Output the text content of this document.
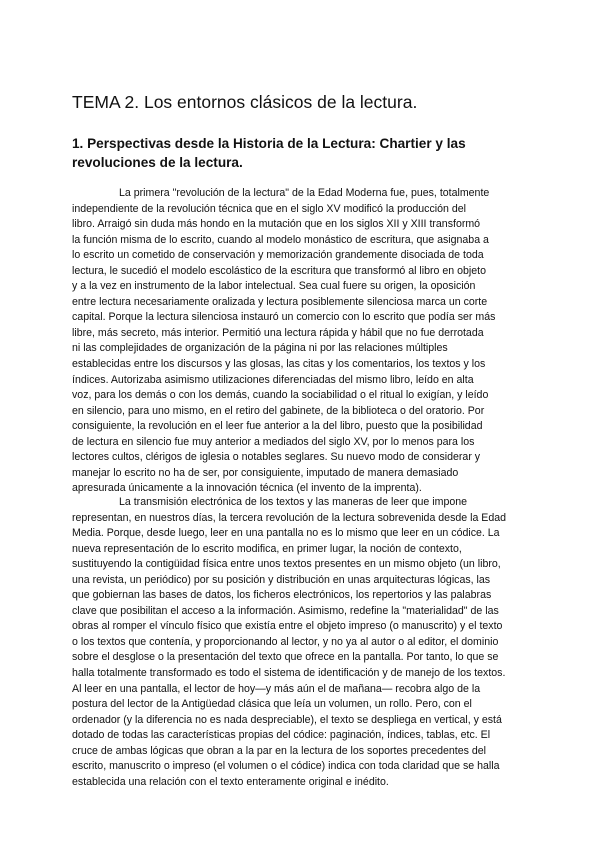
TEMA 2. Los entornos clásicos de la lectura.
1. Perspectivas desde la Historia de la Lectura: Chartier y las revoluciones de la lectura.
La primera "revolución de la lectura" de la Edad Moderna fue, pues, totalmente
independiente de la revolución técnica que en el siglo XV modificó la producción del
libro. Arraigó sin duda más hondo en la mutación que en los siglos XII y XIII transformó
la función misma de lo escrito, cuando al modelo monástico de escritura, que asignaba a
lo escrito un cometido de conservación y memorización grandemente disociada de toda
lectura, le sucedió el modelo escolástico de la escritura que transformó al libro en objeto
y a la vez en instrumento de la labor intelectual. Sea cual fuere su origen, la oposición
entre lectura necesariamente oralizada y lectura posiblemente silenciosa marca un corte
capital. Porque la lectura silenciosa instauró un comercio con lo escrito que podía ser más
libre, más secreto, más interior. Permitió una lectura rápida y hábil que no fue derrotada
ni las complejidades de organización de la página ni por las relaciones múltiples
establecidas entre los discursos y las glosas, las citas y los comentarios, los textos y los
índices. Autorizaba asimismo utilizaciones diferenciadas del mismo libro, leído en alta
voz, para los demás o con los demás, cuando la sociabilidad o el ritual lo exigían, y leído
en silencio, para uno mismo, en el retiro del gabinete, de la biblioteca o del oratorio. Por
consiguiente, la revolución en el leer fue anterior a la del libro, puesto que la posibilidad
de lectura en silencio fue muy anterior a mediados del siglo XV, por lo menos para los
lectores cultos, clérigos de iglesia o notables seglares. Su nuevo modo de considerar y
manejar lo escrito no ha de ser, por consiguiente, imputado de manera demasiado
apresurada únicamente a la innovación técnica (el invento de la imprenta).
La transmisión electrónica de los textos y las maneras de leer que impone
representan, en nuestros días, la tercera revolución de la lectura sobrevenida desde la Edad
Media. Porque, desde luego, leer en una pantalla no es lo mismo que leer en un códice. La
nueva representación de lo escrito modifica, en primer lugar, la noción de contexto,
sustituyendo la contigüidad física entre unos textos presentes en un mismo objeto (un libro,
una revista, un periódico) por su posición y distribución en unas arquitecturas lógicas, las
que gobiernan las bases de datos, los ficheros electrónicos, los repertorios y las palabras
clave que posibilitan el acceso a la información. Asimismo, redefine la "materialidad" de las
obras al romper el vínculo físico que existía entre el objeto impreso (o manuscrito) y el texto
o los textos que contenía, y proporcionando al lector, y no ya al autor o al editor, el dominio
sobre el desglose o la presentación del texto que ofrece en la pantalla. Por tanto, lo que se
halla totalmente transformado es todo el sistema de identificación y de manejo de los textos.
Al leer en una pantalla, el lector de hoy—y más aún el de mañana— recobra algo de la
postura del lector de la Antigüedad clásica que leía un volumen, un rollo. Pero, con el
ordenador (y la diferencia no es nada despreciable), el texto se despliega en vertical, y está
dotado de todas las características propias del códice: paginación, índices, tablas, etc. El
cruce de ambas lógicas que obran a la par en la lectura de los soportes precedentes del
escrito, manuscrito o impreso (el volumen o el códice) indica con toda claridad que se halla
establecida una relación con el texto enteramente original e inédito.
